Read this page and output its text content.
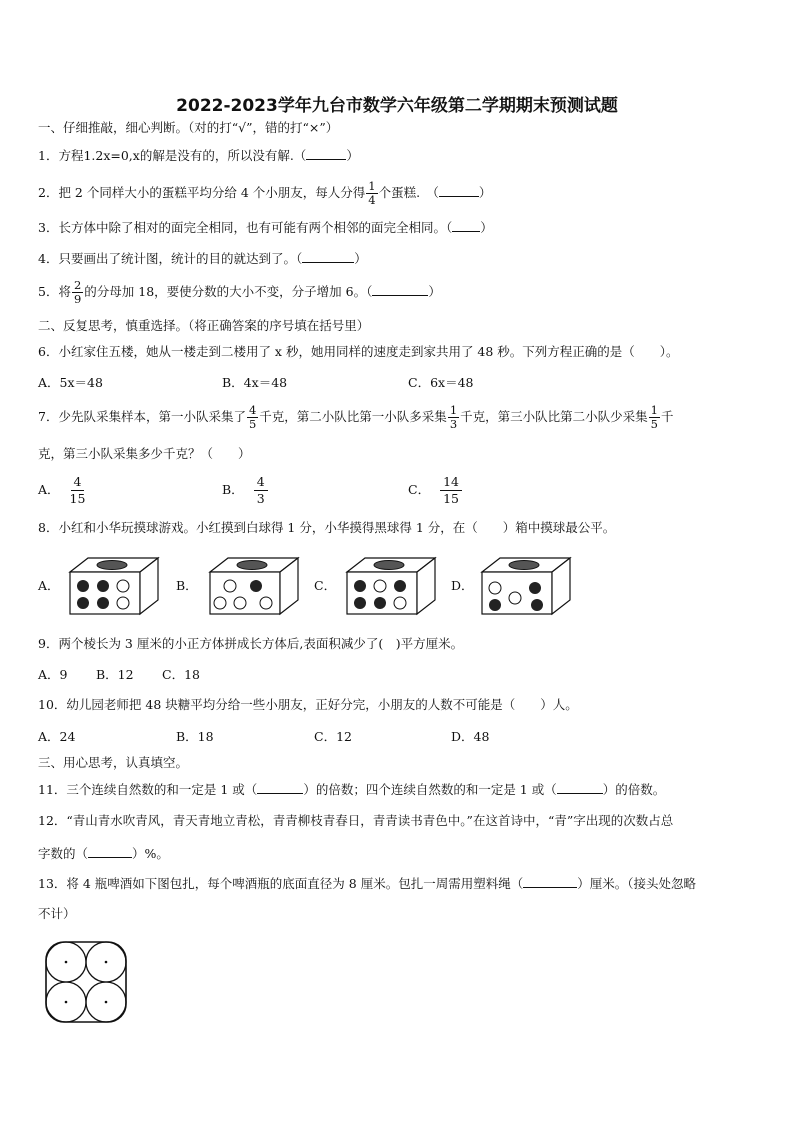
2022-2023学年九台市数学六年级第二学期期末预测试题
一、仔细推敲，细心判断。（对的打“√”，错的打“×”）
1．方程1.2x=0,x的解是没有的，所以没有解.（	）
2．把 2 个同样大小的蛋糕平均分给 4 个小朋友，每人分得 $\frac{1}{4}$ 个蛋糕.　（	）
3．长方体中除了相对的面完全相同，也有可能有两个相邻的面完全相同。（ ）
4．只要画出了统计图，统计的目的就达到了。（	）
5．将 $\frac{2}{9}$ 的分母加 18，要使分数的大小不变，分子增加 6。（	）
二、反复思考，慎重选择。（将正确答案的序号填在括号里）
6．小红家住五楼，她从一楼走到二楼用了 x 秒，她用同样的速度走到家共用了 48 秒。下列方程正确的是（　　）。
A．5x＝48	B．4x＝48	C．6x＝48
7．少先队采集样本，第一小队采集了 $\frac{4}{5}$ 千克，第二小队比第一小队多采集 $\frac{1}{3}$ 千克，第三小队比第二小队少采集 $\frac{1}{5}$ 千
克，第三小队采集多少千克？（　　）
A． $\frac{4}{15}$	B． $\frac{4}{3}$	C． $\frac{14}{15}$
8．小红和小华玩摸球游戏。小红摸到白球得 1 分，小华摸得黑球得 1 分，在（　　）箱中摸球最公平。
A．	B．	C．	D．
9．两个棱长为 3 厘米的小正方体拼成长方体后,表面积减少了(　)平方厘米。
A．9 B．12 C．18
10．幼儿园老师把 48 块糖平均分给一些小朋友，正好分完，小朋友的人数不可能是（　　）人。
A．24	B．18	C．12	D．48
三、用心思考，认真填空。
11．三个连续自然数的和一定是 1 或（	）的倍数；四个连续自然数的和一定是 1 或（	）的倍数。
12．“青山青水吹青风，青天青地立青松，青青柳枝青春日，青青读书青色中。”在这首诗中，“青”字出现的次数占总
字数的（	）%。
13．将 4 瓶啤酒如下图包扎，每个啤酒瓶的底面直径为 8 厘米。包扎一周需用塑料绳（	）厘米。（接头处忽略
不计）
